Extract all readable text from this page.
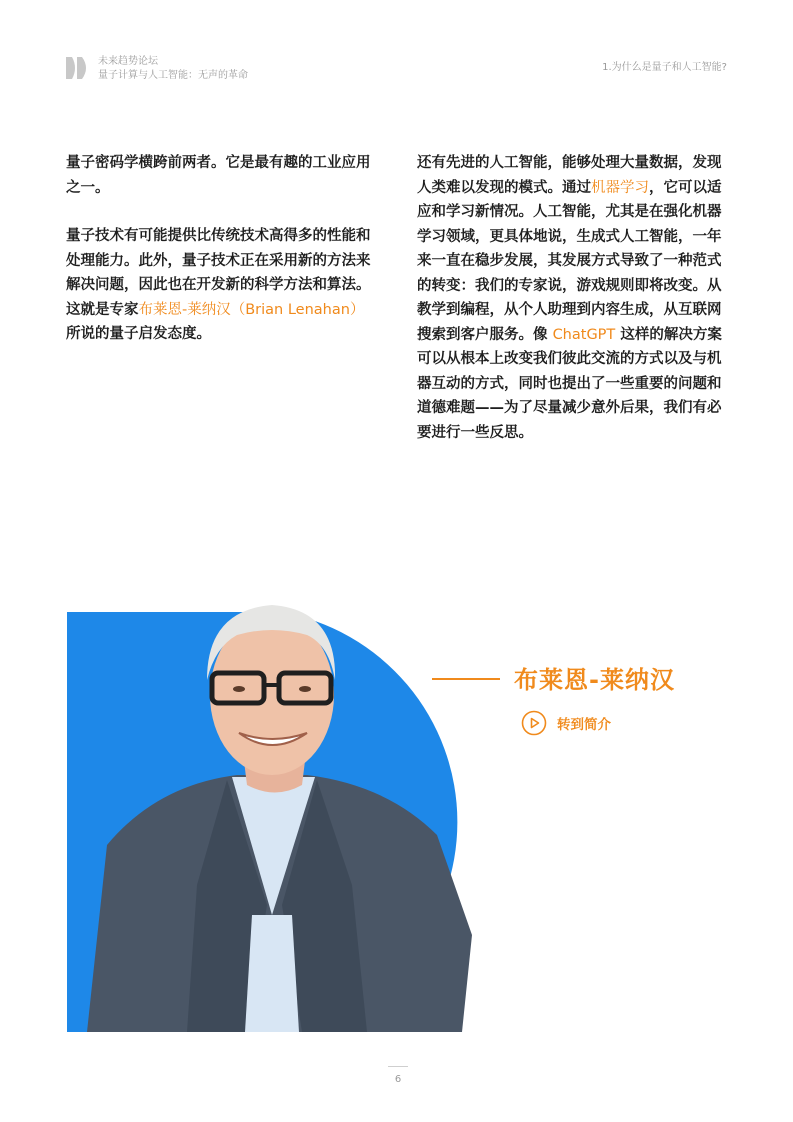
未来趋势论坛
量子计算与人工智能：无声的革命
1.为什么是量子和人工智能?

量子密码学横跨前两者。它是最有趣的工业应用之一。

量子技术有可能提供比传统技术高得多的性能和处理能力。此外，量子技术正在采用新的方法来解决问题，因此也在开发新的科学方法和算法。这就是专家布莱恩-莱纳汉（Brian Lenahan）所说的量子启发态度。

还有先进的人工智能，能够处理大量数据，发现人类难以发现的模式。通过机器学习，它可以适应和学习新情况。人工智能，尤其是在强化机器学习领域，更具体地说，生成式人工智能，一年来一直在稳步发展，其发展方式导致了一种范式的转变：我们的专家说，游戏规则即将改变。从教学到编程，从个人助理到内容生成，从互联网搜索到客户服务。像 ChatGPT 这样的解决方案可以从根本上改变我们彼此交流的方式以及与机器互动的方式，同时也提出了一些重要的问题和道德难题——为了尽量减少意外后果，我们有必要进行一些反思。

布莱恩-莱纳汉
转到简介
6
